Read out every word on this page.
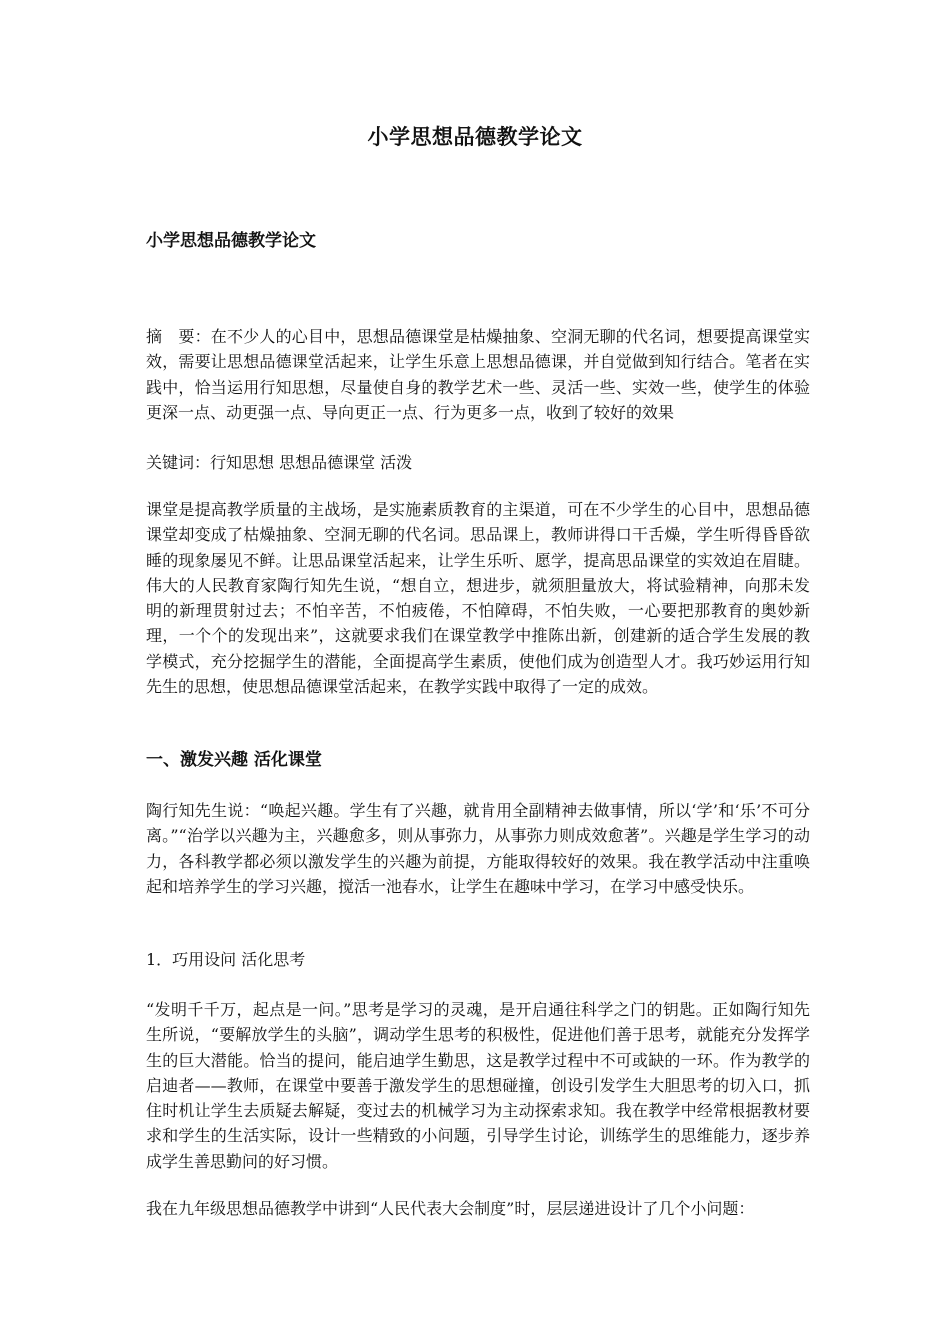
小学思想品德教学论文
小学思想品德教学论文

摘　要：在不少人的心目中，思想品德课堂是枯燥抽象、空洞无聊的代名词，想要提高课堂实效，需要让思想品德课堂活起来，让学生乐意上思想品德课，并自觉做到知行结合。笔者在实践中，恰当运用行知思想，尽量使自身的教学艺术一些、灵活一些、实效一些，使学生的体验更深一点、动更强一点、导向更正一点、行为更多一点，收到了较好的效果

关键词：行知思想 思想品德课堂 活泼

课堂是提高教学质量的主战场，是实施素质教育的主渠道，可在不少学生的心目中，思想品德课堂却变成了枯燥抽象、空洞无聊的代名词。思品课上，教师讲得口干舌燥，学生听得昏昏欲睡的现象屡见不鲜。让思品课堂活起来，让学生乐听、愿学，提高思品课堂的实效迫在眉睫。伟大的人民教育家陶行知先生说，“想自立，想进步，就须胆量放大，将试验精神，向那未发明的新理贯射过去；不怕辛苦，不怕疲倦，不怕障碍，不怕失败，一心要把那教育的奥妙新理，一个个的发现出来”，这就要求我们在课堂教学中推陈出新，创建新的适合学生发展的教学模式，充分挖掘学生的潜能，全面提高学生素质，使他们成为创造型人才。我巧妙运用行知先生的思想，使思想品德课堂活起来，在教学实践中取得了一定的成效。

一、激发兴趣 活化课堂

陶行知先生说：“唤起兴趣。学生有了兴趣，就肯用全副精神去做事情，所以‘学’和‘乐’不可分离。”“治学以兴趣为主，兴趣愈多，则从事弥力，从事弥力则成效愈著”。兴趣是学生学习的动力，各科教学都必须以激发学生的兴趣为前提，方能取得较好的效果。我在教学活动中注重唤起和培养学生的学习兴趣，搅活一池春水，让学生在趣味中学习，在学习中感受快乐。

1．巧用设问 活化思考

“发明千千万，起点是一问。”思考是学习的灵魂，是开启通往科学之门的钥匙。正如陶行知先生所说，“要解放学生的头脑”，调动学生思考的积极性，促进他们善于思考，就能充分发挥学生的巨大潜能。恰当的提问，能启迪学生勤思，这是教学过程中不可或缺的一环。作为教学的启迪者——教师，在课堂中要善于激发学生的思想碰撞，创设引发学生大胆思考的切入口，抓住时机让学生去质疑去解疑，变过去的机械学习为主动探索求知。我在教学中经常根据教材要求和学生的生活实际，设计一些精致的小问题，引导学生讨论，训练学生的思维能力，逐步养成学生善思勤问的好习惯。

我在九年级思想品德教学中讲到“人民代表大会制度”时，层层递进设计了几个小问题：
